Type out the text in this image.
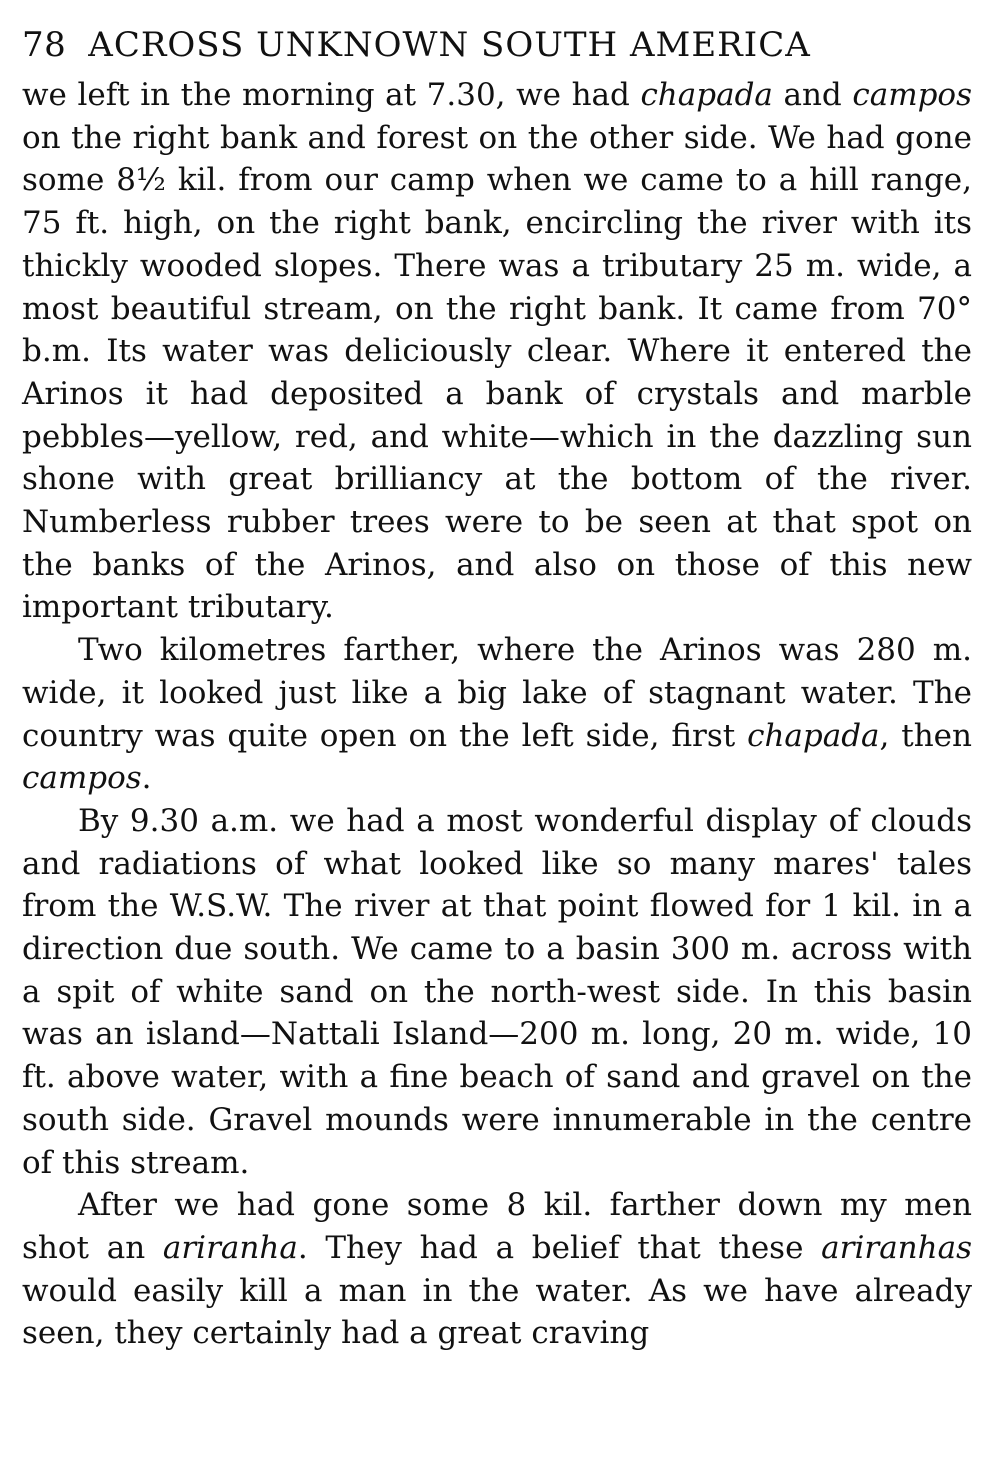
78 ACROSS UNKNOWN SOUTH AMERICA

we left in the morning at 7.30, we had chapada and campos on the right bank and forest on the other side. We had gone some 8½ kil. from our camp when we came to a hill range, 75 ft. high, on the right bank, encircling the river with its thickly wooded slopes. There was a tributary 25 m. wide, a most beautiful stream, on the right bank. It came from 70° b.m. Its water was deliciously clear. Where it entered the Arinos it had deposited a bank of crystals and marble pebbles—yellow, red, and white—which in the dazzling sun shone with great brilliancy at the bottom of the river. Numberless rubber trees were to be seen at that spot on the banks of the Arinos, and also on those of this new important tributary.

Two kilometres farther, where the Arinos was 280 m. wide, it looked just like a big lake of stagnant water. The country was quite open on the left side, first chapada, then campos.

By 9.30 a.m. we had a most wonderful display of clouds and radiations of what looked like so many mares' tales from the W.S.W. The river at that point flowed for 1 kil. in a direction due south. We came to a basin 300 m. across with a spit of white sand on the north-west side. In this basin was an island—Nattali Island—200 m. long, 20 m. wide, 10 ft. above water, with a fine beach of sand and gravel on the south side. Gravel mounds were innumerable in the centre of this stream.

After we had gone some 8 kil. farther down my men shot an ariranha. They had a belief that these ariranhas would easily kill a man in the water. As we have already seen, they certainly had a great craving
